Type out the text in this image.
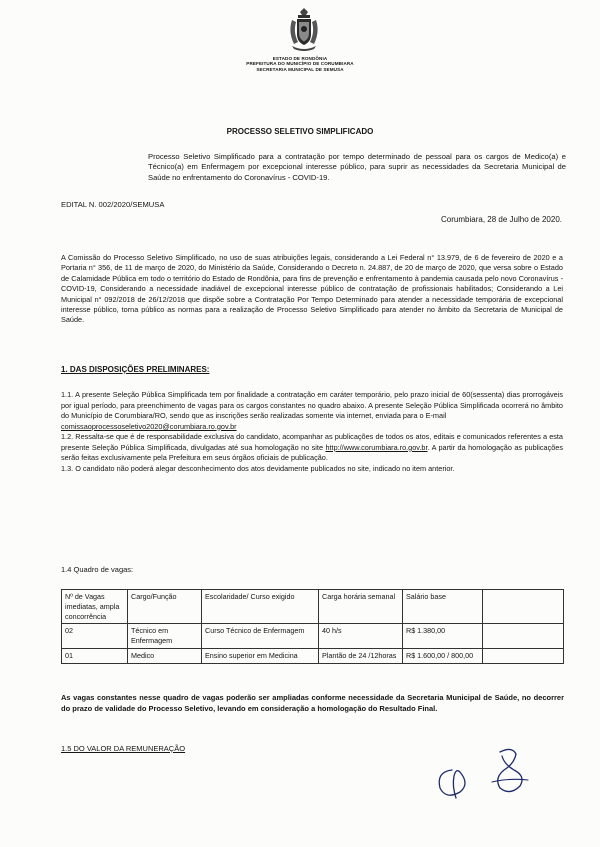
ESTADO DE RONDÔNIA
PREFEITURA DO MUNICÍPIO DE CORUMBIARA
SECRETARIA MUNICIPAL DE SEMUSA
PROCESSO SELETIVO SIMPLIFICADO
Processo Seletivo Simplificado para a contratação por tempo determinado de pessoal para os cargos de Medico(a) e Técnico(a) em Enfermagem por excepcional interesse público, para suprir as necessidades da Secretaria Municipal de Saúde no enfrentamento do Coronavírus - COVID-19.
EDITAL N. 002/2020/SEMUSA
Corumbiara, 28 de Julho de 2020.
A Comissão do Processo Seletivo Simplificado, no uso de suas atribuições legais, considerando a Lei Federal n° 13.979, de 6 de fevereiro de 2020 e a Portaria n° 356, de 11 de março de 2020, do Ministério da Saúde, Considerando o Decreto n. 24.887, de 20 de março de 2020, que versa sobre o Estado de Calamidade Pública em todo o território do Estado de Rondônia, para fins de prevenção e enfrentamento à pandemia causada pelo novo Coronavírus - COVID-19, Considerando a necessidade inadiável de excepcional interesse público de contratação de profissionais habilitados; Considerando a Lei Municipal n° 092/2018 de 26/12/2018 que dispõe sobre a Contratação Por Tempo Determinado para atender a necessidade temporária de excepcional interesse público, torna público as normas para a realização de Processo Seletivo Simplificado para atender no âmbito da Secretaria de Municipal de Saúde.
1. DAS DISPOSIÇÕES PRELIMINARES:

1.1. A presente Seleção Pública Simplificada tem por finalidade a contratação em caráter temporário, pelo prazo inicial de 60(sessenta) dias prorrogáveis por igual período, para preenchimento de vagas para os cargos constantes no quadro abaixo. A presente Seleção Pública Simplificada ocorrerá no âmbito do Município de Corumbiara/RO, sendo que as inscrições serão realizadas somente via internet, enviada para o E-mail
comissaoprocessoseletivo2020@corumbiara.ro.gov.br

1.2. Ressalta-se que é de responsabilidade exclusiva do candidato, acompanhar as publicações de todos os atos, editais e comunicados referentes a esta presente Seleção Pública Simplificada, divulgadas até sua homologação no site http://www.corumbiara.ro.gov.br. A partir da homologação as publicações serão feitas exclusivamente pela Prefeitura em seus órgãos oficiais de publicação.

1.3. O candidato não poderá alegar desconhecimento dos atos devidamente publicados no site, indicado no item anterior.

1.4 Quadro de vagas:
Nº de Vagas imediatas, ampla concorrência	Cargo/Função	Escolaridade/ Curso exigido	Carga horária semanal	Salário base	
02	Técnico em Enfermagem	Curso Técnico de Enfermagem	40 h/s	R$ 1.380,00	
01	Medico	Ensino superior em Medicina	Plantão de 24 /12horas	R$ 1.600,00 / 800,00	
As vagas constantes nesse quadro de vagas poderão ser ampliadas conforme necessidade da Secretaria Municipal de Saúde, no decorrer do prazo de validade do Processo Seletivo, levando em consideração a homologação do Resultado Final.
1.5 DO VALOR DA REMUNERAÇÃO
